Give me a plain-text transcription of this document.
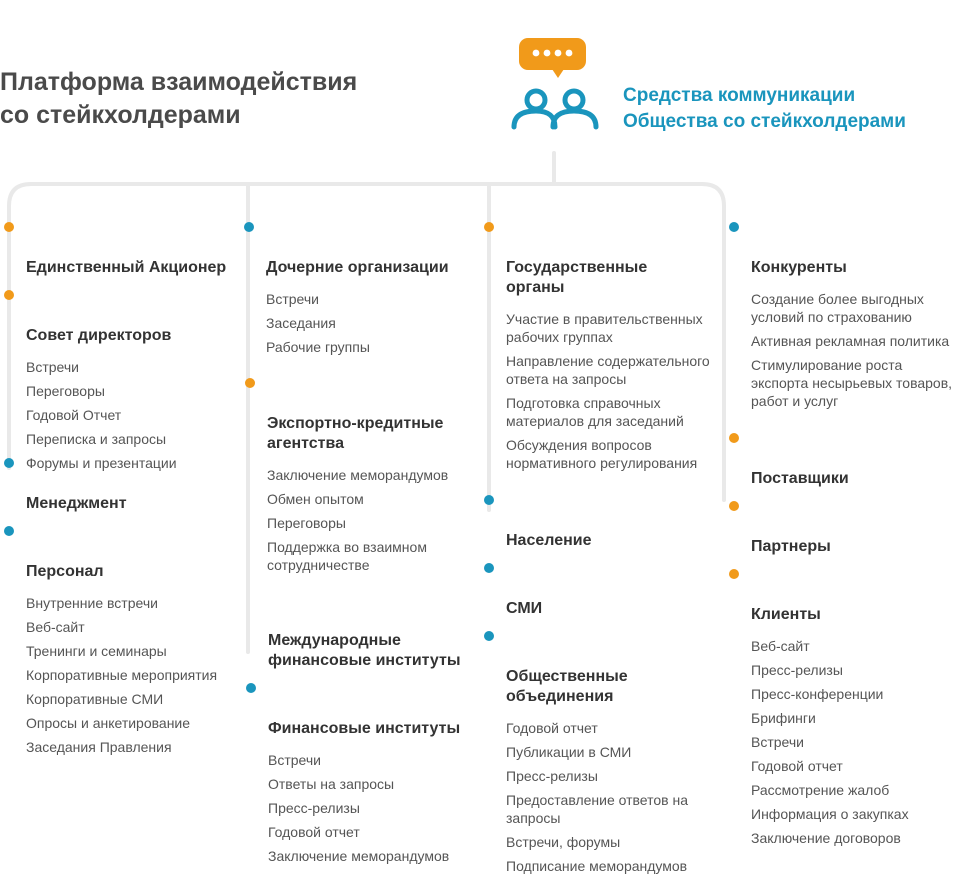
Платформа взаимодействия
со стейкхолдерами
Средства коммуникации
Общества со стейкхолдерами

Единственный Акционер

Совет директоров

Встречи
Переговоры
Годовой Отчет
Переписка и запросы
Форумы и презентации

Менеджмент

Персонал

Внутренние встречи
Веб-сайт
Тренинги и семинары
Корпоративные мероприятия
Корпоративные СМИ
Опросы и анкетирование
Заседания Правления

Дочерние организации

Встречи
Заседания
Рабочие группы

Экспортно-кредитные
агентства

Заключение меморандумов
Обмен опытом
Переговоры
Поддержка во взаимном
сотрудничестве

Международные
финансовые институты

Финансовые институты

Встречи
Ответы на запросы
Пресс-релизы
Годовой отчет
Заключение меморандумов

Государственные
органы

Участие в правительственных
рабочих группах
Направление содержательного
ответа на запросы
Подготовка справочных
материалов для заседаний
Обсуждения вопросов
нормативного регулирования

Население

СМИ

Общественные
объединения

Годовой отчет
Публикации в СМИ
Пресс-релизы
Предоставление ответов на
запросы
Встречи, форумы
Подписание меморандумов

Конкуренты

Создание более выгодных
условий по страхованию
Активная рекламная политика
Стимулирование роста
экспорта несырьевых товаров,
работ и услуг

Поставщики

Партнеры

Клиенты

Веб-сайт
Пресс-релизы
Пресс-конференции
Брифинги
Встречи
Годовой отчет
Рассмотрение жалоб
Информация о закупках
Заключение договоров
